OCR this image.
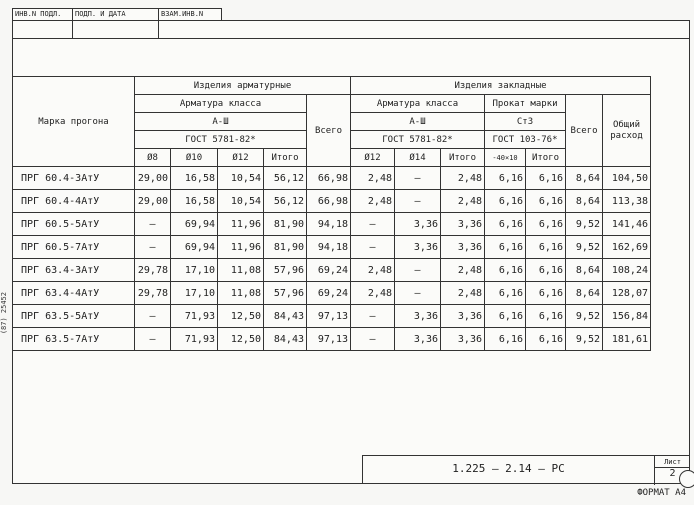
ИНВ.N ПОДЛ.	ПОДП. И ДАТА	ВЗАМ.ИНВ.N
(87) 25452
Марка прогона	Изделия арматурные					Изделия закладные						
	Арматура класса				Всего	Арматура класса			Прокат марки		Всего	Общий расход
	А-Ш					А-Ш			Ст3			
	ГОСТ 5781-82*					ГОСТ 5781-82*			ГОСТ 103-76*			
	Ø8	Ø10	Ø12	Итого		Ø12	Ø14	Итого	-40×10	Итого		
ПРГ 60.4-3АтУ	29,00	16,58	10,54	56,12	66,98	2,48	–	2,48	6,16	6,16	8,64	104,50
ПРГ 60.4-4АтУ	29,00	16,58	10,54	56,12	66,98	2,48	–	2,48	6,16	6,16	8,64	113,38
ПРГ 60.5-5АтУ	–	69,94	11,96	81,90	94,18	–	3,36	3,36	6,16	6,16	9,52	141,46
ПРГ 60.5-7АтУ	–	69,94	11,96	81,90	94,18	–	3,36	3,36	6,16	6,16	9,52	162,69
ПРГ 63.4-3АтУ	29,78	17,10	11,08	57,96	69,24	2,48	–	2,48	6,16	6,16	8,64	108,24
ПРГ 63.4-4АтУ	29,78	17,10	11,08	57,96	69,24	2,48	–	2,48	6,16	6,16	8,64	128,07
ПРГ 63.5-5АтУ	–	71,93	12,50	84,43	97,13	–	3,36	3,36	6,16	6,16	9,52	156,84
ПРГ 63.5-7АтУ	–	71,93	12,50	84,43	97,13	–	3,36	3,36	6,16	6,16	9,52	181,61
1.225 – 2.14 – РС	Лист
2
ФОРМАТ А4
